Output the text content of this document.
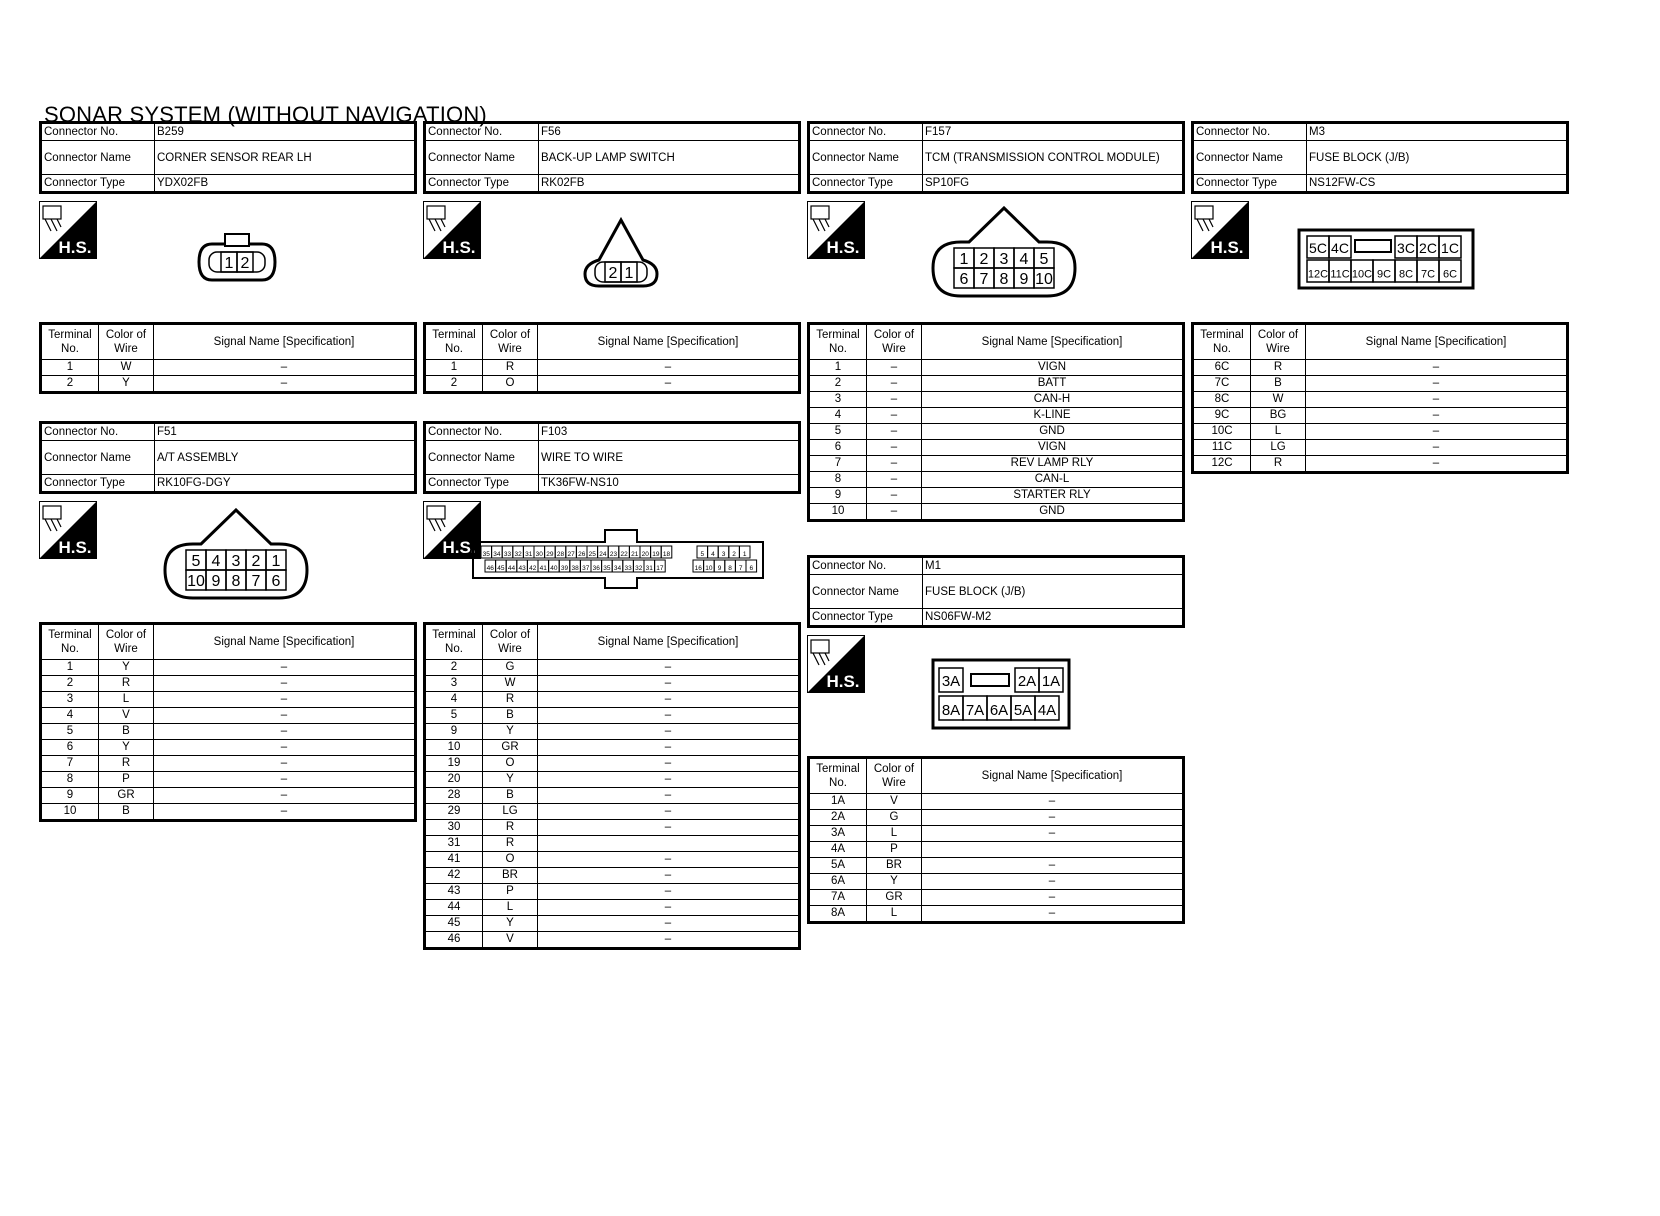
SONAR SYSTEM (WITHOUT NAVIGATION)
Connector No.	B259
Connector Name	CORNER SENSOR REAR LH
Connector Type	YDX02FB
H.S.
1 2
Terminal No.	Color of Wire	Signal Name [Specification]
1	W	–
2	Y	–
Connector No.	F56
Connector Name	BACK-UP LAMP SWITCH
Connector Type	RK02FB
H.S.
2 1
Terminal No.	Color of Wire	Signal Name [Specification]
1	R	–
2	O	–
Connector No.	F157
Connector Name	TCM (TRANSMISSION CONTROL MODULE)
Connector Type	SP10FG
H.S.
1 2 3 4 5
6 7 8 9 10
Terminal No.	Color of Wire	Signal Name [Specification]
1	–	VIGN
2	–	BATT
3	–	CAN-H
4	–	K-LINE
5	–	GND
6	–	VIGN
7	–	REV LAMP RLY
8	–	CAN-L
9	–	STARTER RLY
10	–	GND
Connector No.	M3
Connector Name	FUSE BLOCK (J/B)
Connector Type	NS12FW-CS
H.S.	5C 4C	3C 2C 1C
12C 11C 10C 9C 8C 7C 6C
Terminal No.	Color of Wire	Signal Name [Specification]
6C	R	–
7C	B	–
8C	W	–
9C	BG	–
10C	L	–
11C	LG	–
12C	R	–
Connector No.	F51
Connector Name	A/T ASSEMBLY
Connector Type	RK10FG-DGY
H.S.
5 4 3 2 1
10 9 8 7 6
Terminal No.	Color of Wire	Signal Name [Specification]
1	Y	–
2	R	–
3	L	–
4	V	–
5	B	–
6	Y	–
7	R	–
8	P	–
9	GR	–
10	B	–
Connector No.	F103
Connector Name	WIRE TO WIRE
Connector Type	TK36FW-NS10
H.S. 35 34 33 32 31 30 29 28 27 26 25 24 23 22 21 20 19 18	5 4 3 2 1
46 45 44 43 42 41 40 39 38 37 36 35 34 33 32 31 17	16 10 9 8 7 6
Terminal No.	Color of Wire	Signal Name [Specification]
2	G	–
3	W	–
4	R	–
5	B	–
9	Y	–
10	GR	–
19	O	–
20	Y	–
28	B	–
29	LG	–
30	R	–
31	R	
41	O	–
42	BR	–
43	P	–
44	L	–
45	Y	–
46	V	–
Connector No.	M1
Connector Name	FUSE BLOCK (J/B)
Connector Type	NS06FW-M2
H.S.	3A	2A 1A
8A 7A 6A 5A 4A
Terminal No.	Color of Wire	Signal Name [Specification]
1A	V	–
2A	G	–
3A	L	–
4A	P	
5A	BR	–
6A	Y	–
7A	GR	–
8A	L	–
